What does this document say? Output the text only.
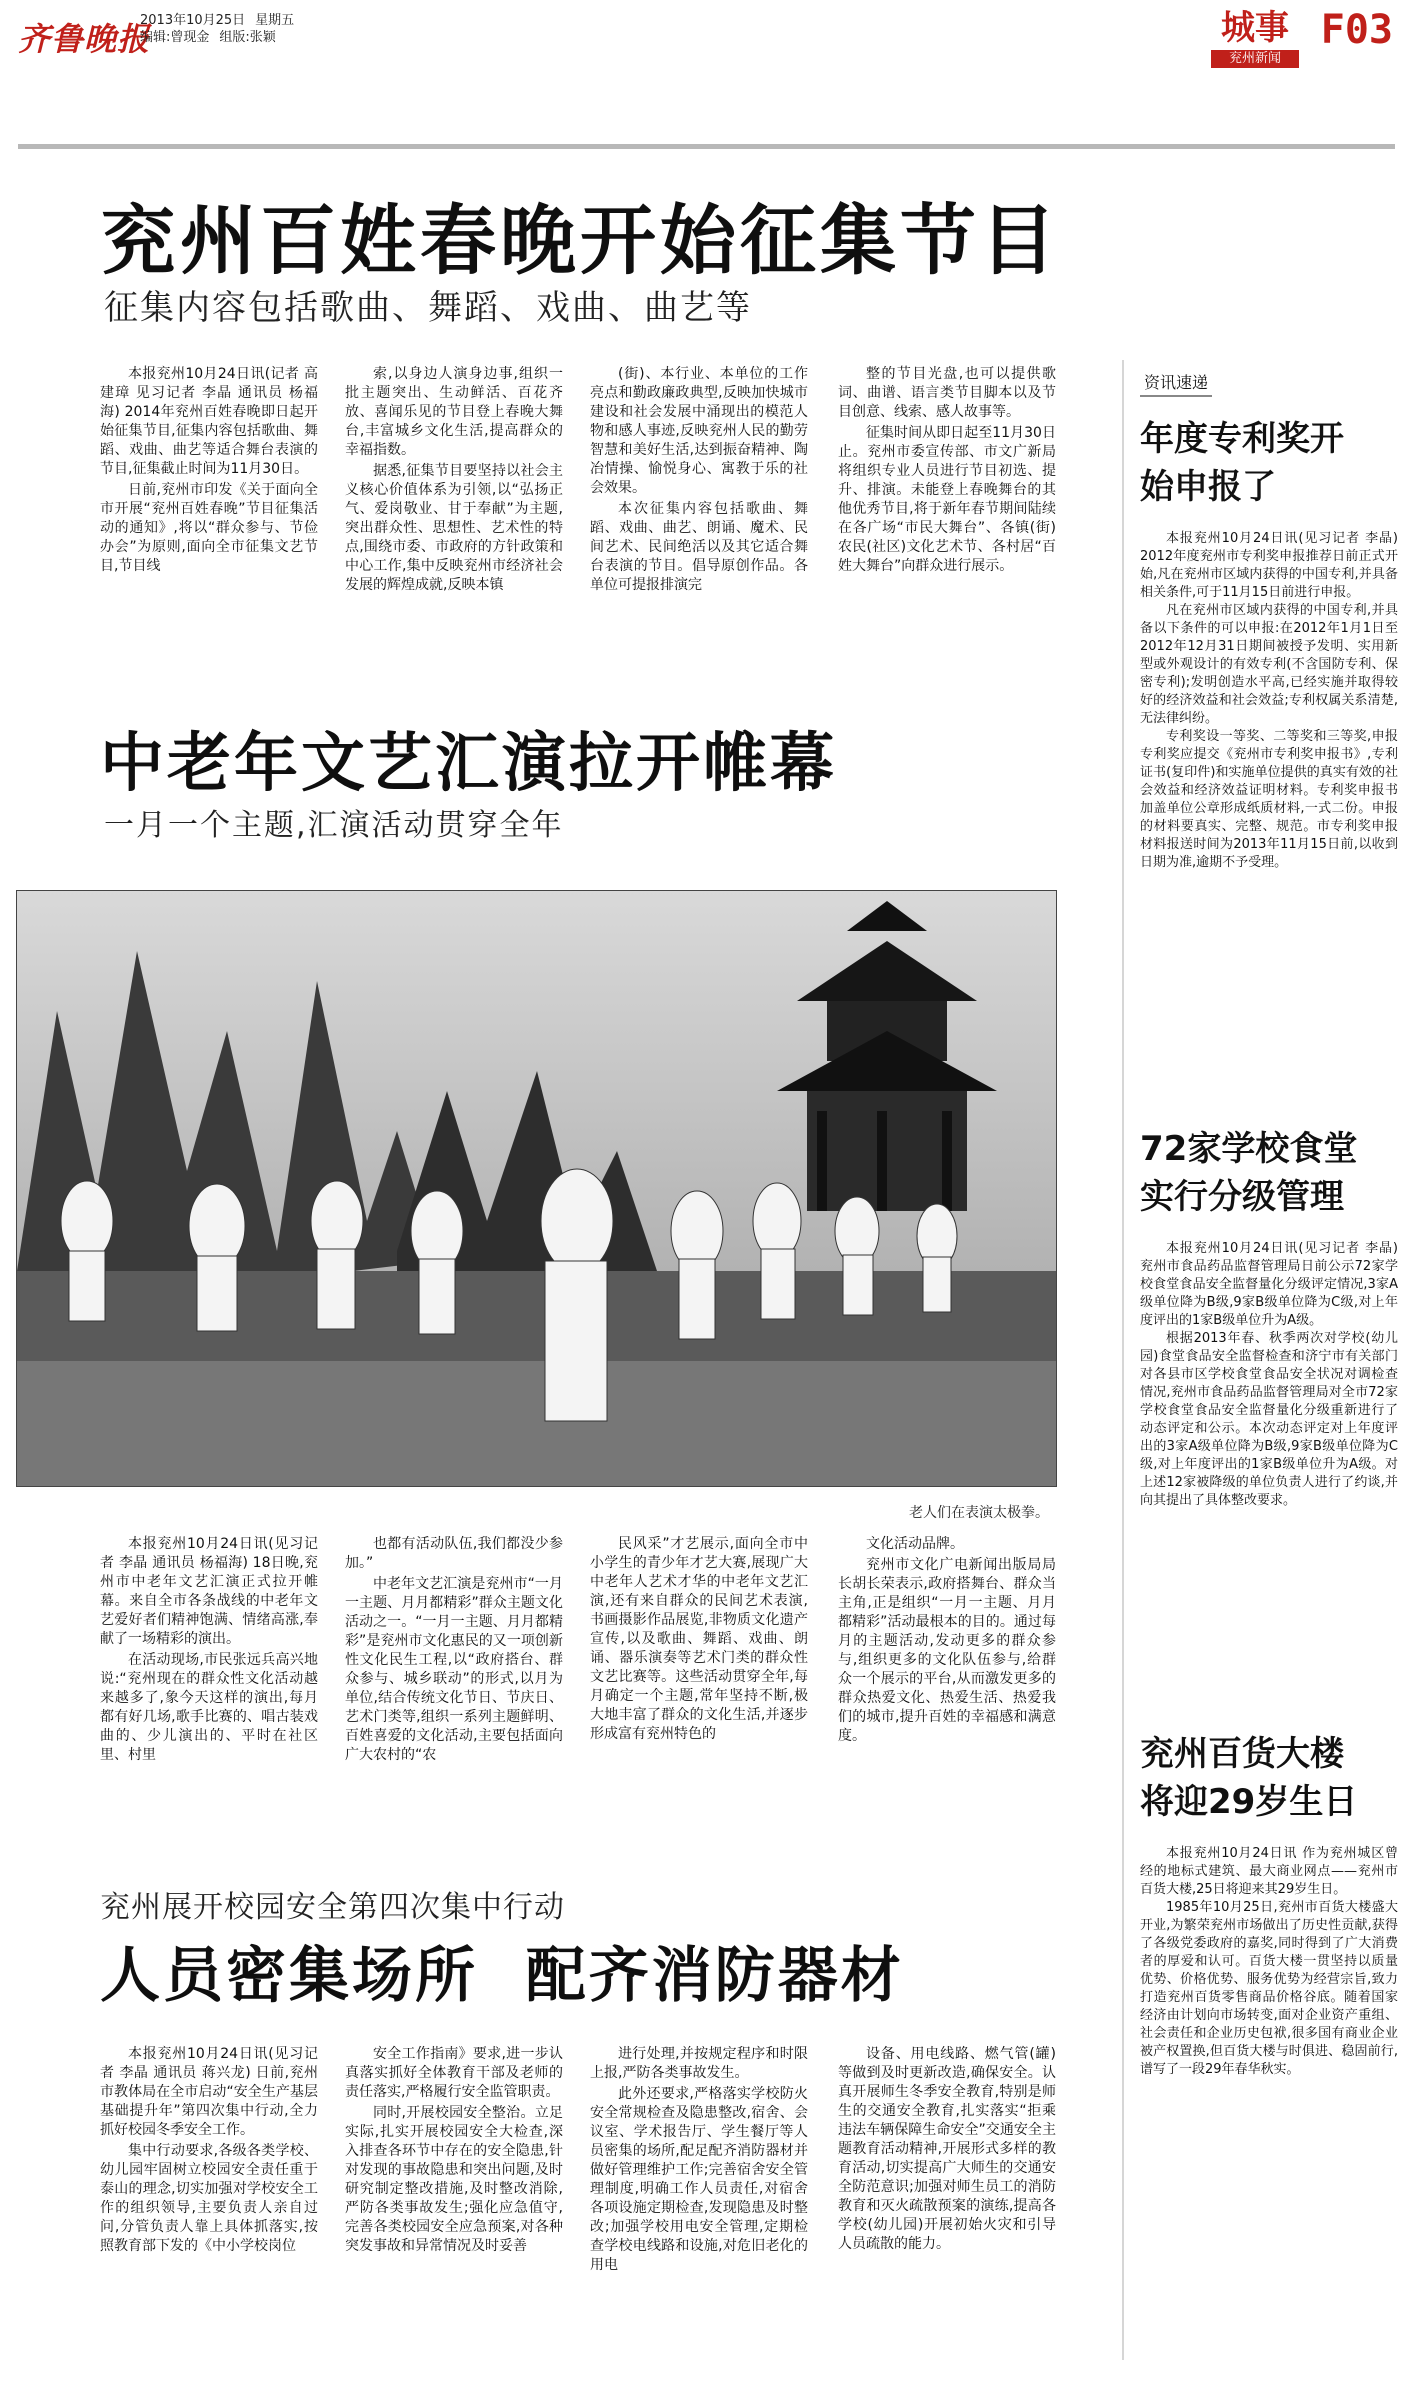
齐鲁晚报
2013年10月25日 星期五
编辑:曾现金 组版:张颖	城事
兖州新闻
F03
兖州百姓春晚开始征集节目
征集内容包括歌曲、舞蹈、戏曲、曲艺等

本报兖州10月24日讯(记者 高建璋 见习记者 李晶 通讯员 杨福海) 2014年兖州百姓春晚即日起开始征集节目,征集内容包括歌曲、舞蹈、戏曲、曲艺等适合舞台表演的节目,征集截止时间为11月30日。

日前,兖州市印发《关于面向全市开展“兖州百姓春晚”节目征集活动的通知》,将以“群众参与、节俭办会”为原则,面向全市征集文艺节目,节目线

索,以身边人演身边事,组织一批主题突出、生动鲜活、百花齐放、喜闻乐见的节目登上春晚大舞台,丰富城乡文化生活,提高群众的幸福指数。

据悉,征集节目要坚持以社会主义核心价值体系为引领,以“弘扬正气、爱岗敬业、甘于奉献”为主题,突出群众性、思想性、艺术性的特点,围绕市委、市政府的方针政策和中心工作,集中反映兖州市经济社会发展的辉煌成就,反映本镇

(街)、本行业、本单位的工作亮点和勤政廉政典型,反映加快城市建设和社会发展中涌现出的模范人物和感人事迹,反映兖州人民的勤劳智慧和美好生活,达到振奋精神、陶冶情操、愉悦身心、寓教于乐的社会效果。

本次征集内容包括歌曲、舞蹈、戏曲、曲艺、朗诵、魔术、民间艺术、民间绝活以及其它适合舞台表演的节目。倡导原创作品。各单位可提报排演完

整的节目光盘,也可以提供歌词、曲谱、语言类节目脚本以及节目创意、线索、感人故事等。

征集时间从即日起至11月30日止。兖州市委宣传部、市文广新局将组织专业人员进行节目初选、提升、排演。未能登上春晚舞台的其他优秀节目,将于新年春节期间陆续在各广场“市民大舞台”、各镇(街)农民(社区)文化艺术节、各村居“百姓大舞台”向群众进行展示。

中老年文艺汇演拉开帷幕
一月一个主题,汇演活动贯穿全年
老人们在表演太极拳。

本报兖州10月24日讯(见习记者 李晶 通讯员 杨福海) 18日晚,兖州市中老年文艺汇演正式拉开帷幕。来自全市各条战线的中老年文艺爱好者们精神饱满、情绪高涨,奉献了一场精彩的演出。

在活动现场,市民张远兵高兴地说:“兖州现在的群众性文化活动越来越多了,象今天这样的演出,每月都有好几场,歌手比赛的、唱古装戏曲的、少儿演出的、平时在社区里、村里

也都有活动队伍,我们都没少参加。”

中老年文艺汇演是兖州市“一月一主题、月月都精彩”群众主题文化活动之一。“一月一主题、月月都精彩”是兖州市文化惠民的又一项创新性文化民生工程,以“政府搭台、群众参与、城乡联动”的形式,以月为单位,结合传统文化节日、节庆日、艺术门类等,组织一系列主题鲜明、百姓喜爱的文化活动,主要包括面向广大农村的“农

民风采”才艺展示,面向全市中小学生的青少年才艺大赛,展现广大中老年人艺术才华的中老年文艺汇演,还有来自群众的民间艺术表演,书画摄影作品展览,非物质文化遗产宣传,以及歌曲、舞蹈、戏曲、朗诵、器乐演奏等艺术门类的群众性文艺比赛等。这些活动贯穿全年,每月确定一个主题,常年坚持不断,极大地丰富了群众的文化生活,并逐步形成富有兖州特色的

文化活动品牌。

兖州市文化广电新闻出版局局长胡长荣表示,政府搭舞台、群众当主角,正是组织“一月一主题、月月都精彩”活动最根本的目的。通过每月的主题活动,发动更多的群众参与,组织更多的文化队伍参与,给群众一个展示的平台,从而激发更多的群众热爱文化、热爱生活、热爱我们的城市,提升百姓的幸福感和满意度。

兖州展开校园安全第四次集中行动
人员密集场所  配齐消防器材

本报兖州10月24日讯(见习记者 李晶 通讯员 蒋兴龙) 日前,兖州市教体局在全市启动“安全生产基层基础提升年”第四次集中行动,全力抓好校园冬季安全工作。

集中行动要求,各级各类学校、幼儿园牢固树立校园安全责任重于泰山的理念,切实加强对学校安全工作的组织领导,主要负责人亲自过问,分管负责人靠上具体抓落实,按照教育部下发的《中小学校岗位

安全工作指南》要求,进一步认真落实抓好全体教育干部及老师的责任落实,严格履行安全监管职责。

同时,开展校园安全整治。立足实际,扎实开展校园安全大检查,深入排查各环节中存在的安全隐患,针对发现的事故隐患和突出问题,及时研究制定整改措施,及时整改消除,严防各类事故发生;强化应急值守,完善各类校园安全应急预案,对各种突发事故和异常情况及时妥善

进行处理,并按规定程序和时限上报,严防各类事故发生。

此外还要求,严格落实学校防火安全常规检查及隐患整改,宿舍、会议室、学术报告厅、学生餐厅等人员密集的场所,配足配齐消防器材并做好管理维护工作;完善宿舍安全管理制度,明确工作人员责任,对宿舍各项设施定期检查,发现隐患及时整改;加强学校用电安全管理,定期检查学校电线路和设施,对危旧老化的用电

设备、用电线路、燃气管(罐)等做到及时更新改造,确保安全。认真开展师生冬季安全教育,特别是师生的交通安全教育,扎实落实“拒乘违法车辆保障生命安全”交通安全主题教育活动精神,开展形式多样的教育活动,切实提高广大师生的交通安全防范意识;加强对师生员工的消防教育和灭火疏散预案的演练,提高各学校(幼儿园)开展初始火灾和引导人员疏散的能力。

资讯速递
年度专利奖开始申报了

本报兖州10月24日讯(见习记者 李晶) 2012年度兖州市专利奖申报推荐日前正式开始,凡在兖州市区域内获得的中国专利,并具备相关条件,可于11月15日前进行申报。

凡在兖州市区域内获得的中国专利,并具备以下条件的可以申报:在2012年1月1日至2012年12月31日期间被授予发明、实用新型或外观设计的有效专利(不含国防专利、保密专利);发明创造水平高,已经实施并取得较好的经济效益和社会效益;专利权属关系清楚,无法律纠纷。

专利奖设一等奖、二等奖和三等奖,申报专利奖应提交《兖州市专利奖申报书》,专利证书(复印件)和实施单位提供的真实有效的社会效益和经济效益证明材料。专利奖申报书加盖单位公章形成纸质材料,一式二份。申报的材料要真实、完整、规范。市专利奖申报材料报送时间为2013年11月15日前,以收到日期为准,逾期不予受理。

72家学校食堂实行分级管理

本报兖州10月24日讯(见习记者 李晶) 兖州市食品药品监督管理局日前公示72家学校食堂食品安全监督量化分级评定情况,3家A级单位降为B级,9家B级单位降为C级,对上年度评出的1家B级单位升为A级。

根据2013年春、秋季两次对学校(幼儿园)食堂食品安全监督检查和济宁市有关部门对各县市区学校食堂食品安全状况对调检查情况,兖州市食品药品监督管理局对全市72家学校食堂食品安全监督量化分级重新进行了动态评定和公示。本次动态评定对上年度评出的3家A级单位降为B级,9家B级单位降为C级,对上年度评出的1家B级单位升为A级。对上述12家被降级的单位负责人进行了约谈,并向其提出了具体整改要求。

兖州百货大楼将迎29岁生日

本报兖州10月24日讯 作为兖州城区曾经的地标式建筑、最大商业网点——兖州市百货大楼,25日将迎来其29岁生日。

1985年10月25日,兖州市百货大楼盛大开业,为繁荣兖州市场做出了历史性贡献,获得了各级党委政府的嘉奖,同时得到了广大消费者的厚爱和认可。百货大楼一贯坚持以质量优势、价格优势、服务优势为经营宗旨,致力打造兖州百货零售商品价格谷底。随着国家经济由计划向市场转变,面对企业资产重组、社会责任和企业历史包袱,很多国有商业企业被产权置换,但百货大楼与时俱进、稳固前行,谱写了一段29年春华秋实。
